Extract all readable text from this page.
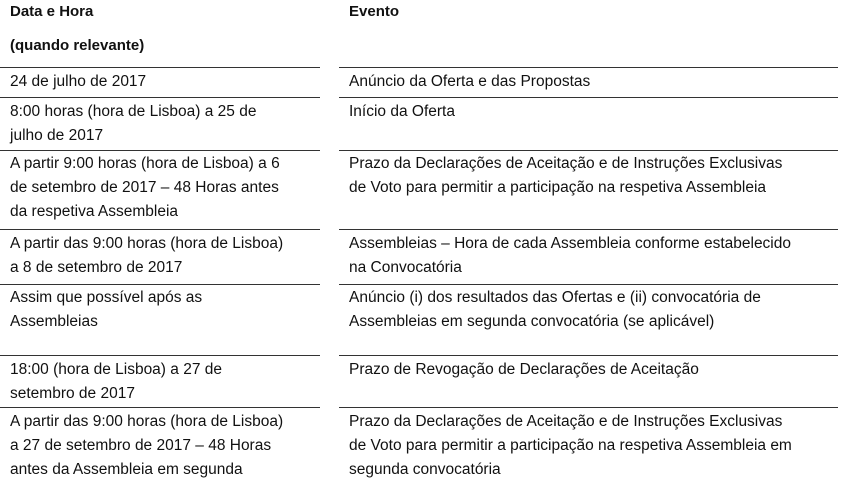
Data e Hora
(quando relevante)
Evento
24 de julho de 2017	Anúncio da Oferta e das Propostas
8:00 horas (hora de Lisboa) a 25 de
julho de 2017
Início da Oferta
A partir 9:00 horas (hora de Lisboa) a 6
de setembro de 2017 – 48 Horas antes
da respetiva Assembleia
Prazo da Declarações de Aceitação e de Instruções Exclusivas
de Voto para permitir a participação na respetiva Assembleia
A partir das 9:00 horas (hora de Lisboa)
a 8 de setembro de 2017
Assembleias – Hora de cada Assembleia conforme estabelecido
na Convocatória
Assim que possível após as
Assembleias
Anúncio (i) dos resultados das Ofertas e (ii) convocatória de
Assembleias em segunda convocatória (se aplicável)
18:00 (hora de Lisboa) a 27 de
setembro de 2017
Prazo de Revogação de Declarações de Aceitação
A partir das 9:00 horas (hora de Lisboa)
a 27 de setembro de 2017 – 48 Horas
antes da Assembleia em segunda
Prazo da Declarações de Aceitação e de Instruções Exclusivas
de Voto para permitir a participação na respetiva Assembleia em
segunda convocatória
